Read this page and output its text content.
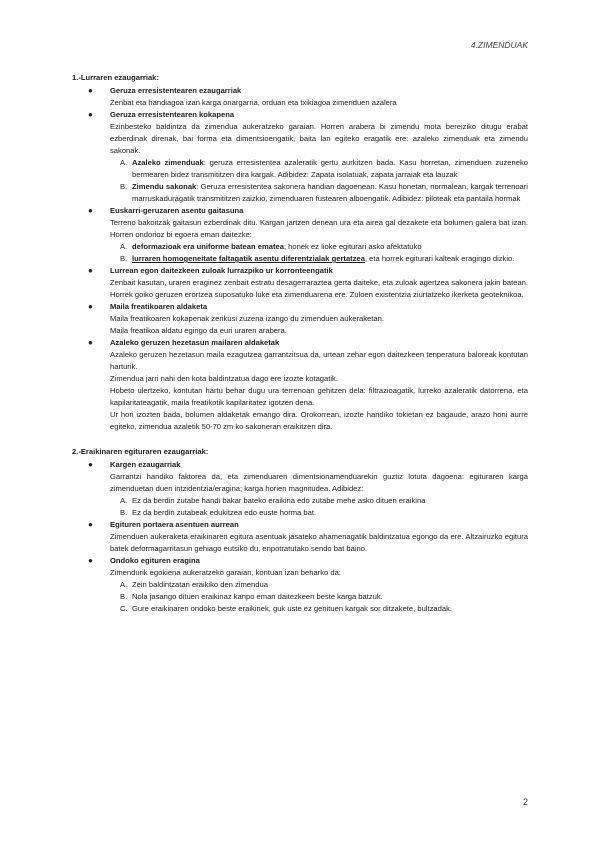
4.ZIMENDUAK
1.-Lurraren ezaugarriak:
● Geruza erresistentearen ezaugarriak
Zenbat eta handiagoa izan karga onargarria, orduan eta txikiagoa zimenduen azalera
● Geruza erresistentearen kokapena
Ezinbesteko baldintza da zimendua aukeratzeko garaian. Horren arabera bi zimendu mota bereiziko ditugu erabat ezberdinak direnak, bai forma eta dimentsioengatik, baita lan egiteko eragatik ere: azaleko zimenduak eta zimendu sakonak.
A. Azaleko zimenduak: geruza erresistentea azaleratik gertu aurkitzen bada. Kasu horretan, zimenduen zuzeneko bermearen bidez transmititzen dira kargak. Adibidez: Zapata isolatuak, zapata jarraiak eta lauzak
B. Zimendu sakonak: Geruza erresistentea sakonera handian dagoenean. Kasu honetan, normalean, kargak terrenoari marruskaduragatik transmititzen zaizkio, zimenduaren fustearen alboengatik. Adibidez: piloteak eta pantaila hormak
● Euskarri-geruzaren asentu gaitasuna
Terreno bakoitzak gaitasun ezberdinak ditu. Kargan jartzen denean ura eta airea gal dezakete eta bolumen galera bat izan. Horren ondorioz bi egoera eman daitezke:
A. deformazioak era uniforme batean ematea; honek ez lioke egiturari asko afektatuko
B. lurraren homogeneitate faltagatik asentu diferentzialak gertatzea, eta horrek egiturari kalteak eragingo dizkio.
● Lurrean egon daitezkeen zuloak lurrazpiko ur korronteengatik
Zenbait kasutan, uraren eraginez zenbait estratu desagerraraztea gerta daiteke, eta zuloak agertzea sakonera jakin batean. Horrek goiko geruzen erortzea suposatuko luke eta zimenduarena ere. Zuloen existentzia ziurtatzeko ikerketa geoteknikoa.
● Maila freatikoaren aldaketa
Maila freatikoaren kokapenak zerikusi zuzena izango du zimenduen aukeraketan.
Maila freatikoa aldatu egingo da euri uraren arabera.
● Azaleko geruzen hezetasun mailaren aldaketak
Azaleko geruzen hezetasun maila ezagutzea garrantzitsua da, urtean zehar egon daitezkeen tenperatura baloreak kontutan harturik.
Zimendua jarri nahi den kota baldintzatua dago ere izozte kotagatik.
Hobeto ulertzeko, kontutan hartu behar dugu ura terrenoan gehitzen dela: filtrazioagatik, lurreko azaleratik datorrena, eta kapilaritateagatik, maila freatikotik kapilaritatez igotzen dena.
Ur hori izozten bada, bolumen aldaketak emango dira. Orokorrean, izozte handiko tokietan ez bagaude, arazo honi aurre egiteko, zimendua azaletik 50-70 zm ko sakoneran eraikitzen dira.
2.-Eraikinaren egituraren ezaugarriak:
● Kargen ezaugarriak
Garrantzi handiko faktorea da, eta zimenduaren dimentsionamenduarekin guztiz lotuta dagoena: egituraren karga zimenduetan duen intzidentzia/eragina; karga horien magnitudea. Adibidez:
A. Ez da berdin zutabe handi bakar bateko eraikina edo zutabe mehe asko dituen eraikina
B. Ez da berdin zutabeak edukitzea edo euste horma bat.
● Egituren portaera asentuen aurrean
Zimenduen aukeraketa eraikinaren egitura asentuak jasateko ahamenagatik baldintzatua egongo da ere. Altzairuzko egitura batek deformagarritasun gehiago eutsiko du, enpotratutako sendo bat baino.
● Ondoko egituren eragina
Zimendurik egokiena aukeratzeko garaian, kontuan izan beharko da:
A. Zein baldintzatan eraikiko den zimendua
B. Nola jasango dituen eraikinaz kanpo eman daitezkeen beste karga batzuk.
C. Gure eraikinaren ondoko beste eraikinek, guk uste ez genituen kargak sor ditzakete, bultzadak.
2
